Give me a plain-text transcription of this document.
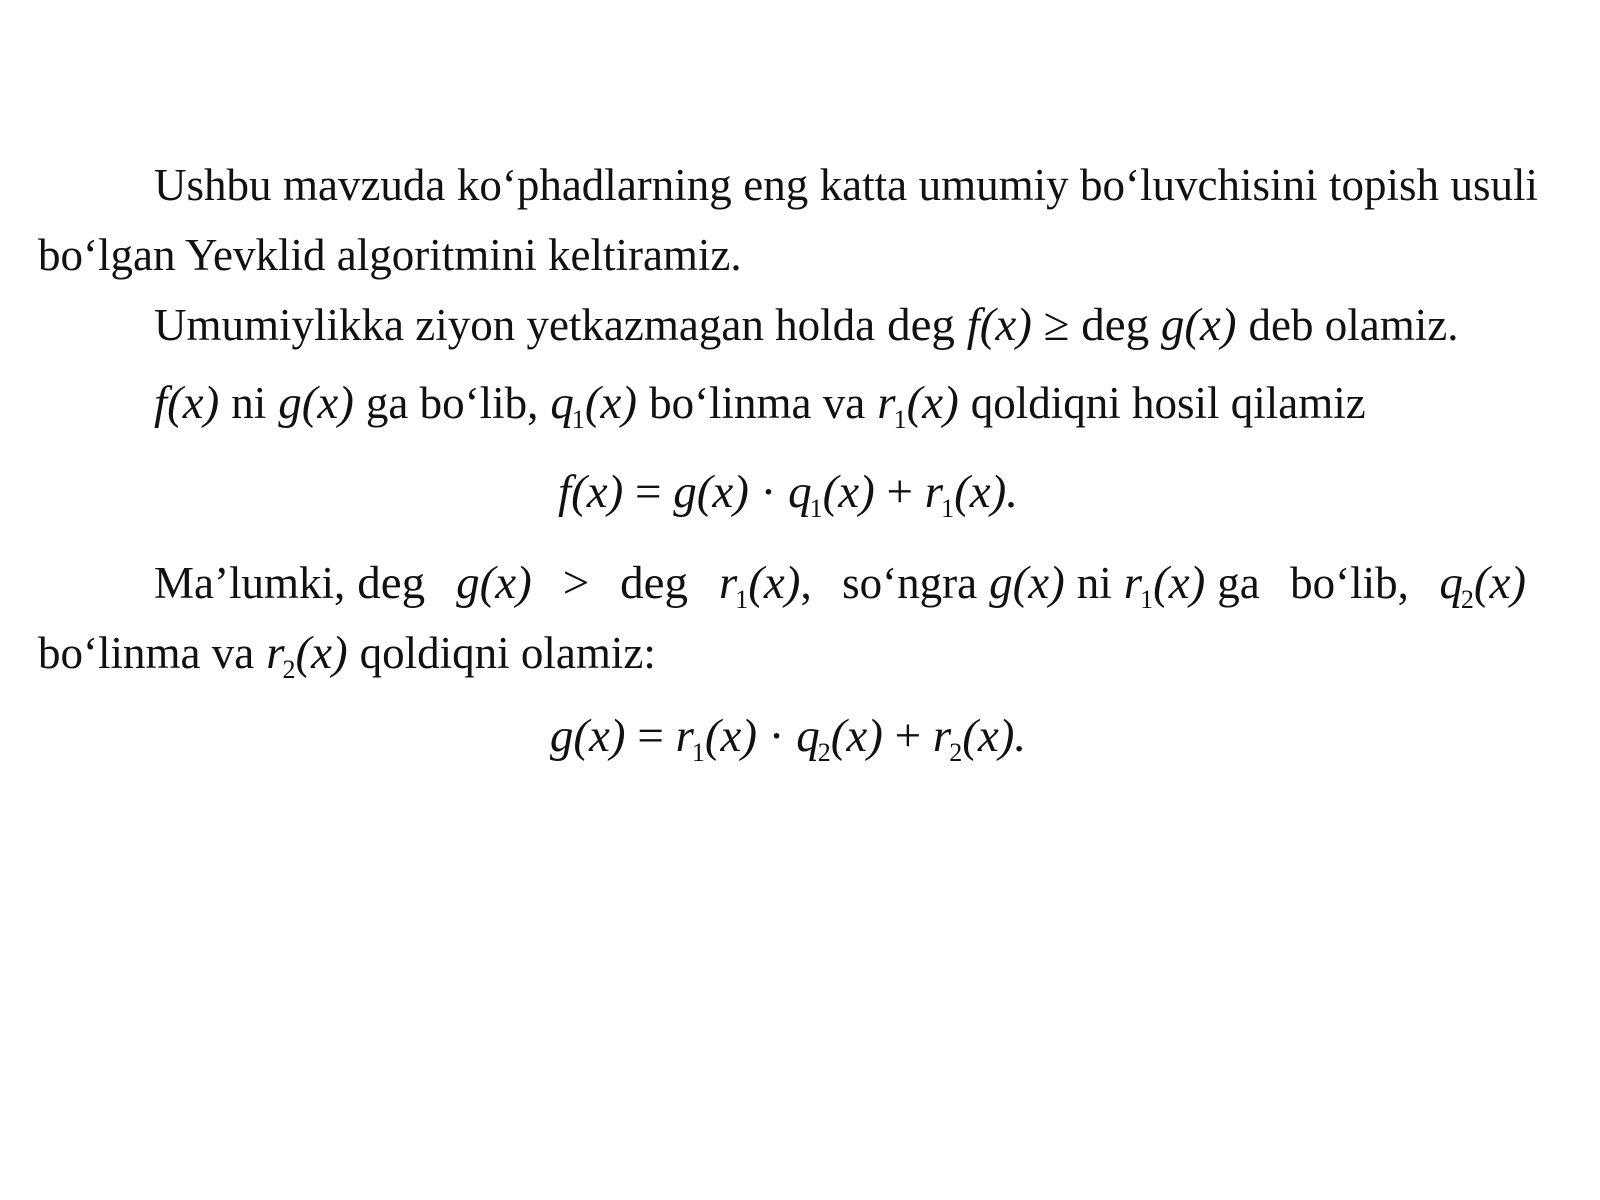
Ushbu mavzuda ko‘phadlarning eng katta umumiy bo‘luvchisini topish usuli bo‘lgan Yevklid algoritmini keltiramiz.

Umumiylikka ziyon yetkazmagan holda deg f(x) ≥ deg g(x) deb olamiz.

f(x) ni g(x) ga bo‘lib, $q_1(x)$ bo‘linma va $r_1(x)$ qoldiqni hosil qilamiz

$f(x) = g(x) \cdot q_1(x) + r_1(x)$.

Ma’lumki, deg g(x) > deg $r_1(x)$, so‘ngra g(x) ni $r_1(x)$ ga bo‘lib, $q_2(x)bo‘linma$ va $r_2(x)$ qoldiqni olamiz:

$g(x) = r_1(x) \cdot q_2(x) + r_2(x)$.
